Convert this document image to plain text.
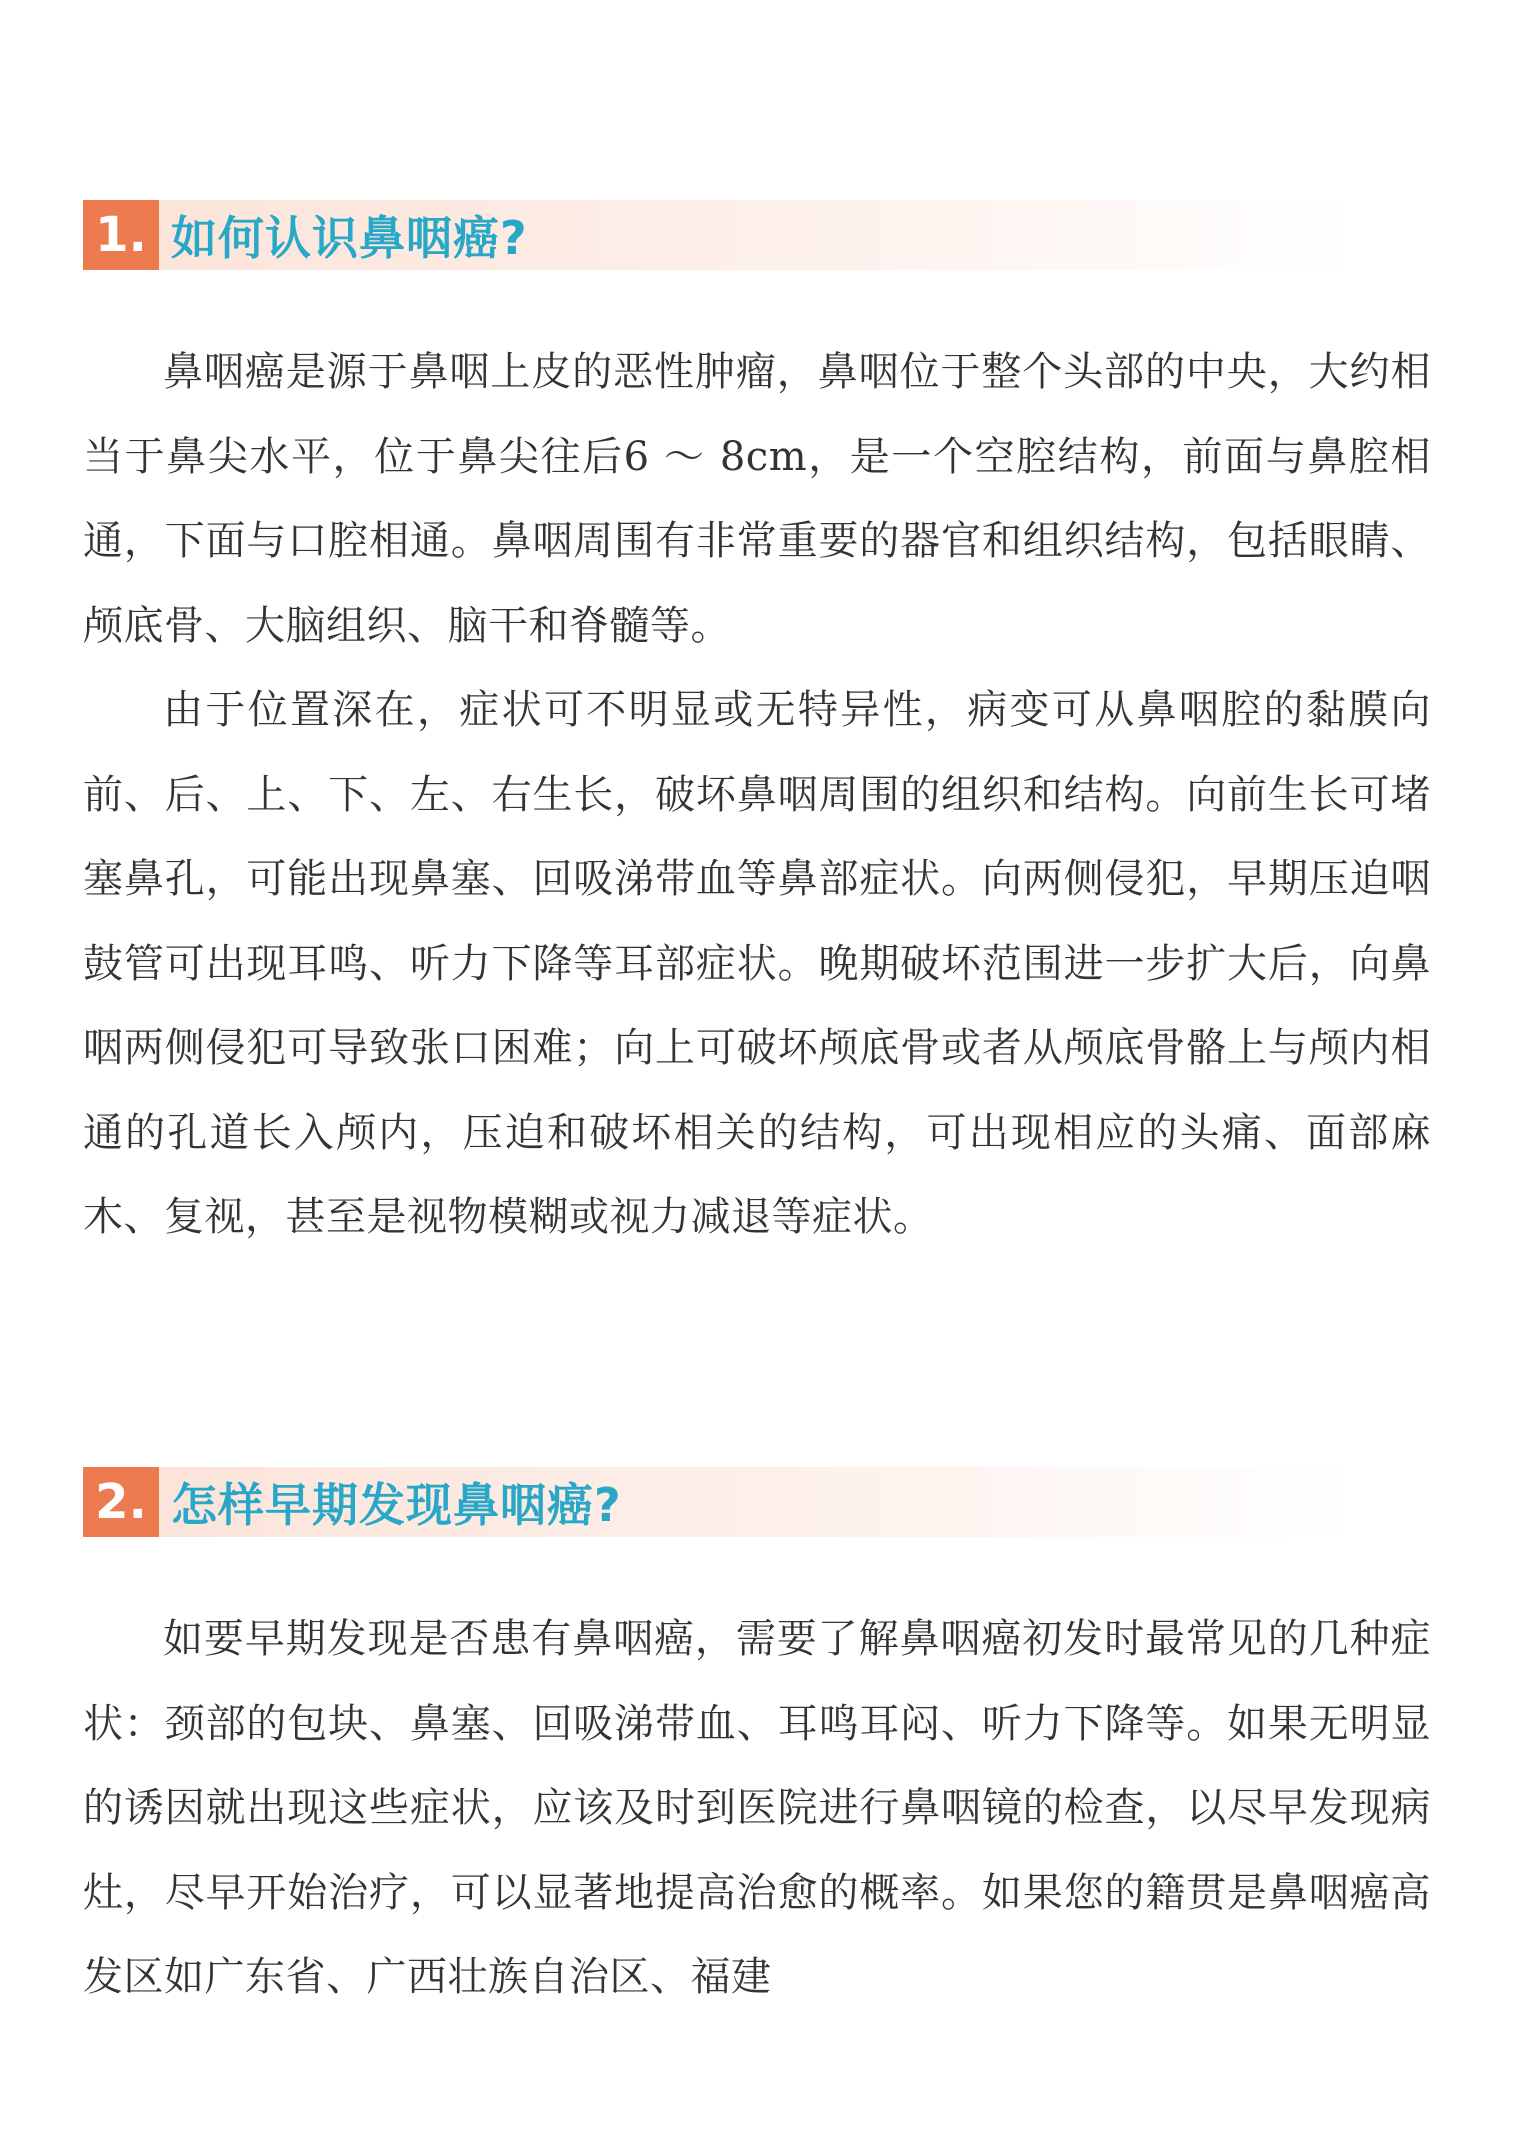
1. 如何认识鼻咽癌?

鼻咽癌是源于鼻咽上皮的恶性肿瘤，鼻咽位于整个头部的中央，大约相当于鼻尖水平，位于鼻尖往后6 ～ 8cm，是一个空腔结构，前面与鼻腔相通，下面与口腔相通。鼻咽周围有非常重要的器官和组织结构，包括眼睛、颅底骨、大脑组织、脑干和脊髓等。

由于位置深在，症状可不明显或无特异性，病变可从鼻咽腔的黏膜向前、后、上、下、左、右生长，破坏鼻咽周围的组织和结构。向前生长可堵塞鼻孔，可能出现鼻塞、回吸涕带血等鼻部症状。向两侧侵犯，早期压迫咽鼓管可出现耳鸣、听力下降等耳部症状。晚期破坏范围进一步扩大后，向鼻咽两侧侵犯可导致张口困难；向上可破坏颅底骨或者从颅底骨骼上与颅内相通的孔道长入颅内，压迫和破坏相关的结构，可出现相应的头痛、面部麻木、复视，甚至是视物模糊或视力减退等症状。

2. 怎样早期发现鼻咽癌?

如要早期发现是否患有鼻咽癌，需要了解鼻咽癌初发时最常见的几种症状：颈部的包块、鼻塞、回吸涕带血、耳鸣耳闷、听力下降等。如果无明显的诱因就出现这些症状，应该及时到医院进行鼻咽镜的检查，以尽早发现病灶，尽早开始治疗，可以显著地提高治愈的概率。如果您的籍贯是鼻咽癌高发区如广东省、广西壮族自治区、福建
